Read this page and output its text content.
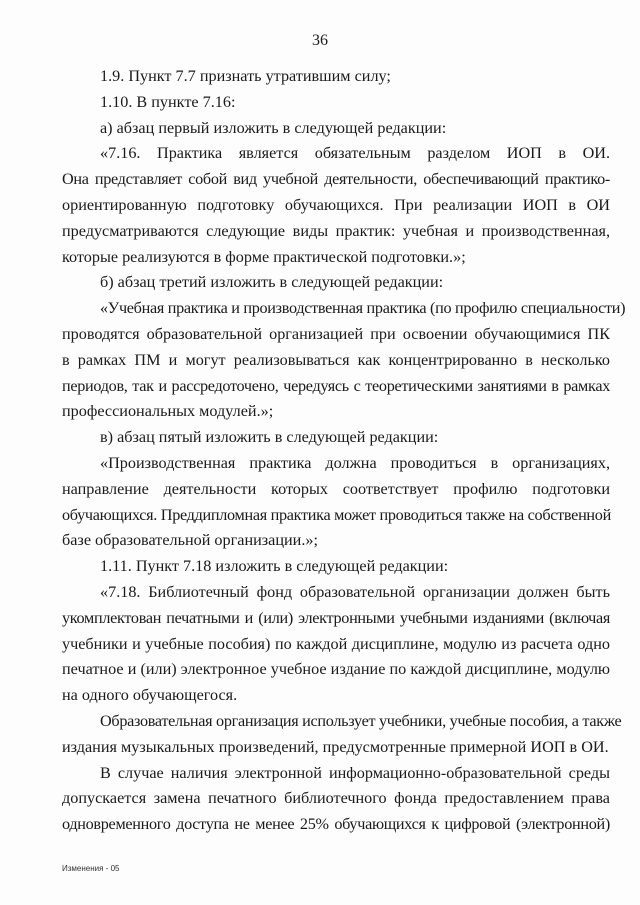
36
1.9. Пункт 7.7 признать утратившим силу;
1.10. В пункте 7.16:
а) абзац первый изложить в следующей редакции:
«7.16. Практика является обязательным разделом ИОП в ОИ.
Она представляет собой вид учебной деятельности, обеспечивающий практико-
ориентированную подготовку обучающихся. При реализации ИОП в ОИ
предусматриваются следующие виды практик: учебная и производственная,
которые реализуются в форме практической подготовки.»;
б) абзац третий изложить в следующей редакции:
«Учебная практика и производственная практика (по профилю специальности)
проводятся образовательной организацией при освоении обучающимися ПК
в рамках ПМ и могут реализовываться как концентрированно в несколько
периодов, так и рассредоточено, чередуясь с теоретическими занятиями в рамках
профессиональных модулей.»;
в) абзац пятый изложить в следующей редакции:
«Производственная практика должна проводиться в организациях,
направление деятельности которых соответствует профилю подготовки
обучающихся. Преддипломная практика может проводиться также на собственной
базе образовательной организации.»;
1.11. Пункт 7.18 изложить в следующей редакции:
«7.18. Библиотечный фонд образовательной организации должен быть
укомплектован печатными и (или) электронными учебными изданиями (включая
учебники и учебные пособия) по каждой дисциплине, модулю из расчета одно
печатное и (или) электронное учебное издание по каждой дисциплине, модулю
на одного обучающегося.
Образовательная организация использует учебники, учебные пособия, а также
издания музыкальных произведений, предусмотренные примерной ИОП в ОИ.
В случае наличия электронной информационно-образовательной среды
допускается замена печатного библиотечного фонда предоставлением права
одновременного доступа не менее 25% обучающихся к цифровой (электронной)
Изменения - 05
